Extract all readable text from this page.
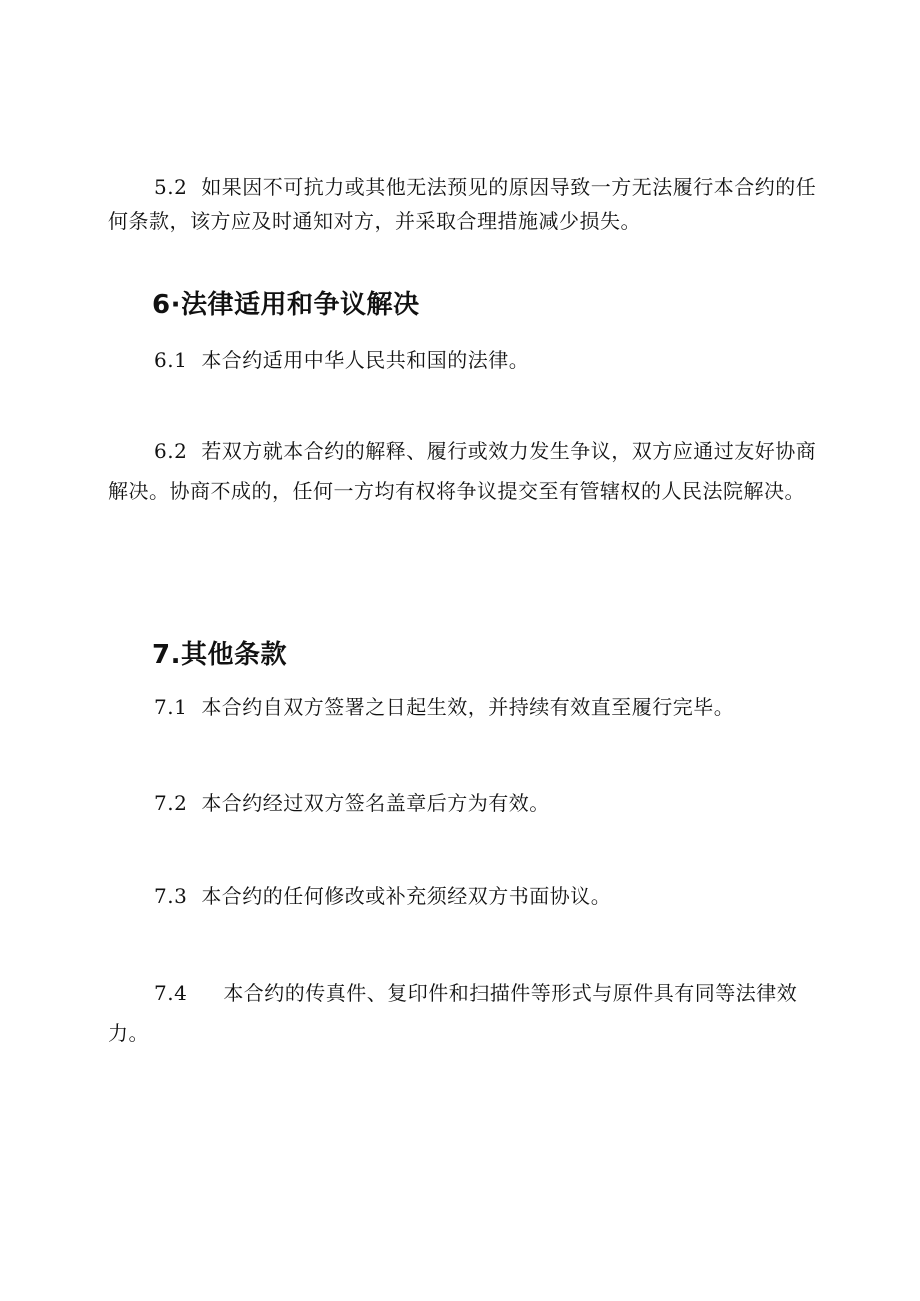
5.2 如果因不可抗力或其他无法预见的原因导致一方无法履行本合约的任何条款，该方应及时通知对方，并采取合理措施减少损失。

6·法律适用和争议解决

6.1 本合约适用中华人民共和国的法律。

6.2 若双方就本合约的解释、履行或效力发生争议，双方应通过友好协商解决。协商不成的，任何一方均有权将争议提交至有管辖权的人民法院解决。

7.其他条款

7.1 本合约自双方签署之日起生效，并持续有效直至履行完毕。

7.2 本合约经过双方签名盖章后方为有效。

7.3 本合约的任何修改或补充须经双方书面协议。

7.4 本合约的传真件、复印件和扫描件等形式与原件具有同等法律效力。
